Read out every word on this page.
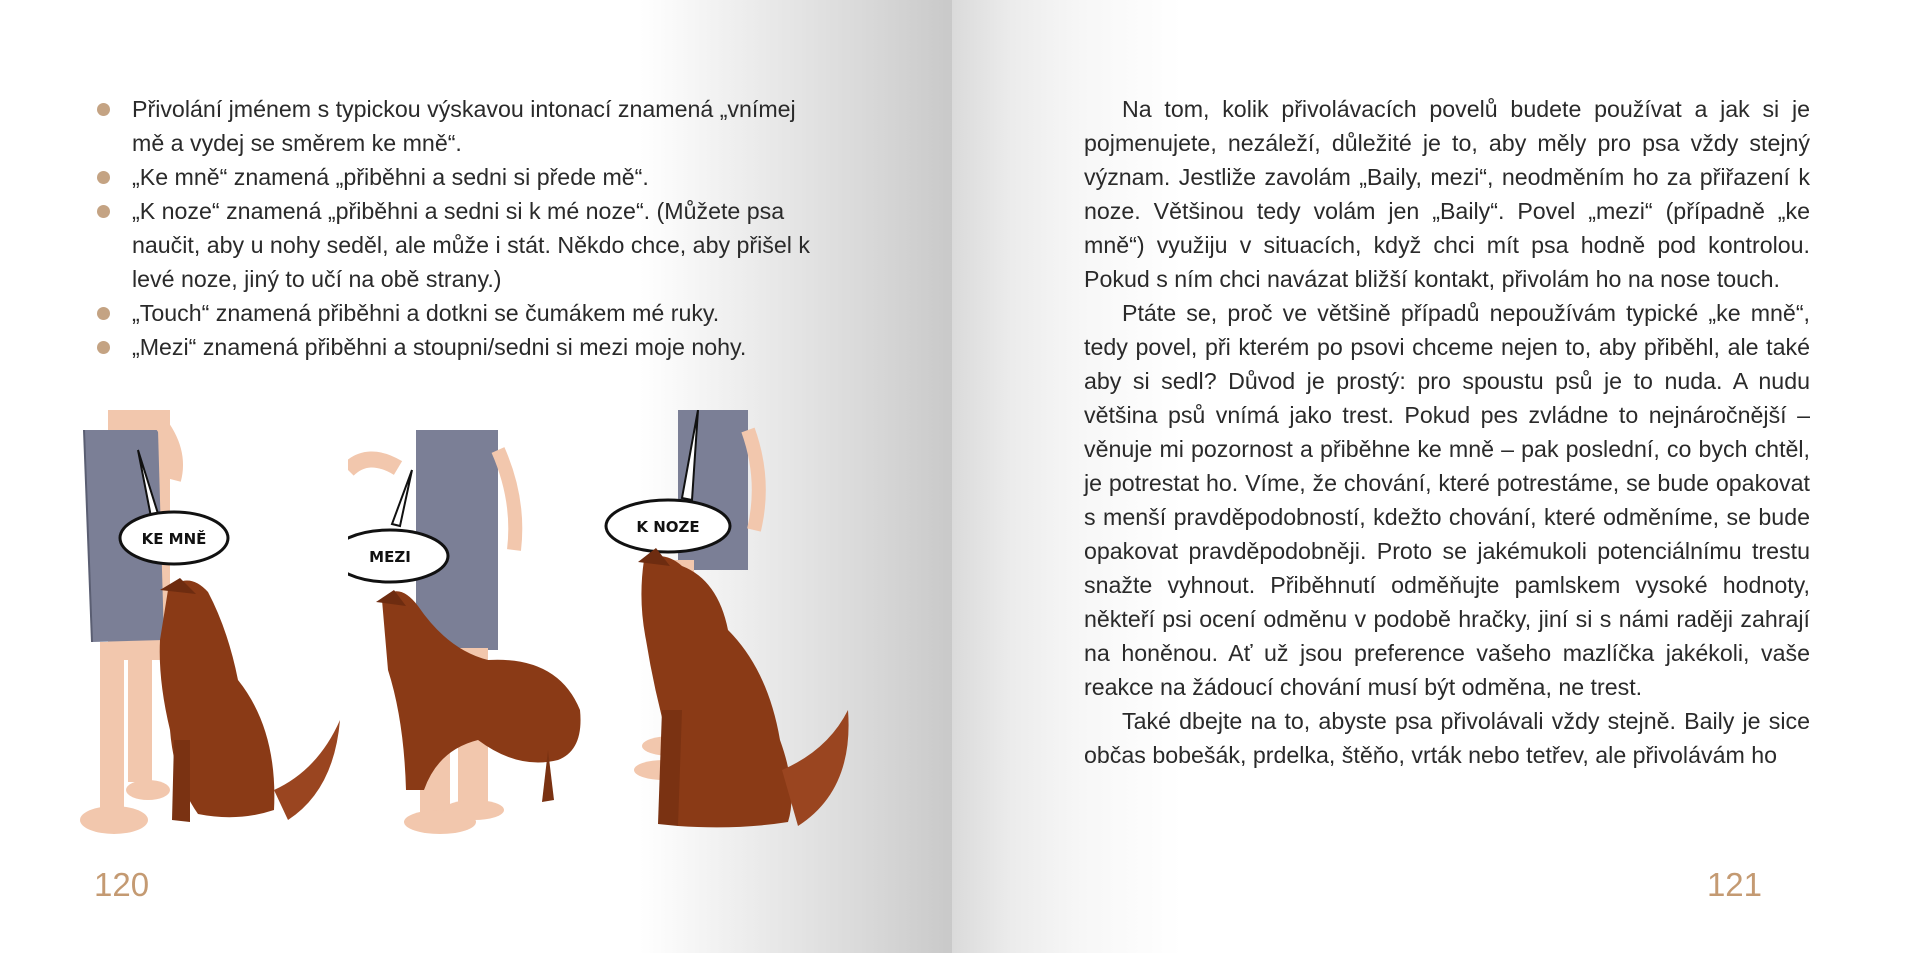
Přivolání jménem s typickou výskavou intonací znamená „vnímej mě a vydej se směrem ke mně“.
„Ke mně“ znamená „přiběhni a sedni si přede mě“.
„K noze“ znamená „přiběhni a sedni si k mé noze“. (Můžete psa naučit, aby u nohy seděl, ale může i stát. Někdo chce, aby přišel k levé noze, jiný to učí na obě strany.)
„Touch“ znamená přiběhni a dotkni se čumákem mé ruky.
„Mezi“ znamená přiběhni a stoupni/sedni si mezi moje nohy.
KE MNĚ
MEZI
K NOZE
120

Na tom, kolik přivolávacích povelů budete používat a jak si je pojmenujete, nezáleží, důležité je to, aby měly pro psa vždy stejný význam. Jestliže zavolám „Baily, mezi“, neodměním ho za přiřazení k noze. Většinou tedy volám jen „Baily“. Povel „mezi“ (případně „ke mně“) využiju v situacích, když chci mít psa hodně pod kontrolou. Pokud s ním chci navázat bližší kontakt, přivolám ho na nose touch.

Ptáte se, proč ve většině případů nepoužívám typické „ke mně“, tedy povel, při kterém po psovi chceme nejen to, aby přiběhl, ale také aby si sedl? Důvod je prostý: pro spoustu psů je to nuda. A nudu většina psů vnímá jako trest. Pokud pes zvládne to nejnáročnější – věnuje mi pozornost a přiběhne ke mně – pak poslední, co bych chtěl, je potrestat ho. Víme, že chování, které potrestáme, se bude opakovat s menší pravděpodobností, kdežto chování, které odměníme, se bude opakovat pravděpodobněji. Proto se jakémukoli potenciálnímu trestu snažte vyhnout. Přiběhnutí odměňujte pamlskem vysoké hodnoty, někteří psi ocení odměnu v podobě hračky, jiní si s námi raději zahrají na honěnou. Ať už jsou preference vašeho mazlíčka jakékoli, vaše reakce na žádoucí chování musí být odměna, ne trest.

Také dbejte na to, abyste psa přivolávali vždy stejně. Baily je sice občas bobešák, prdelka, štěňo, vrták nebo tetřev, ale přivolávám ho

121
